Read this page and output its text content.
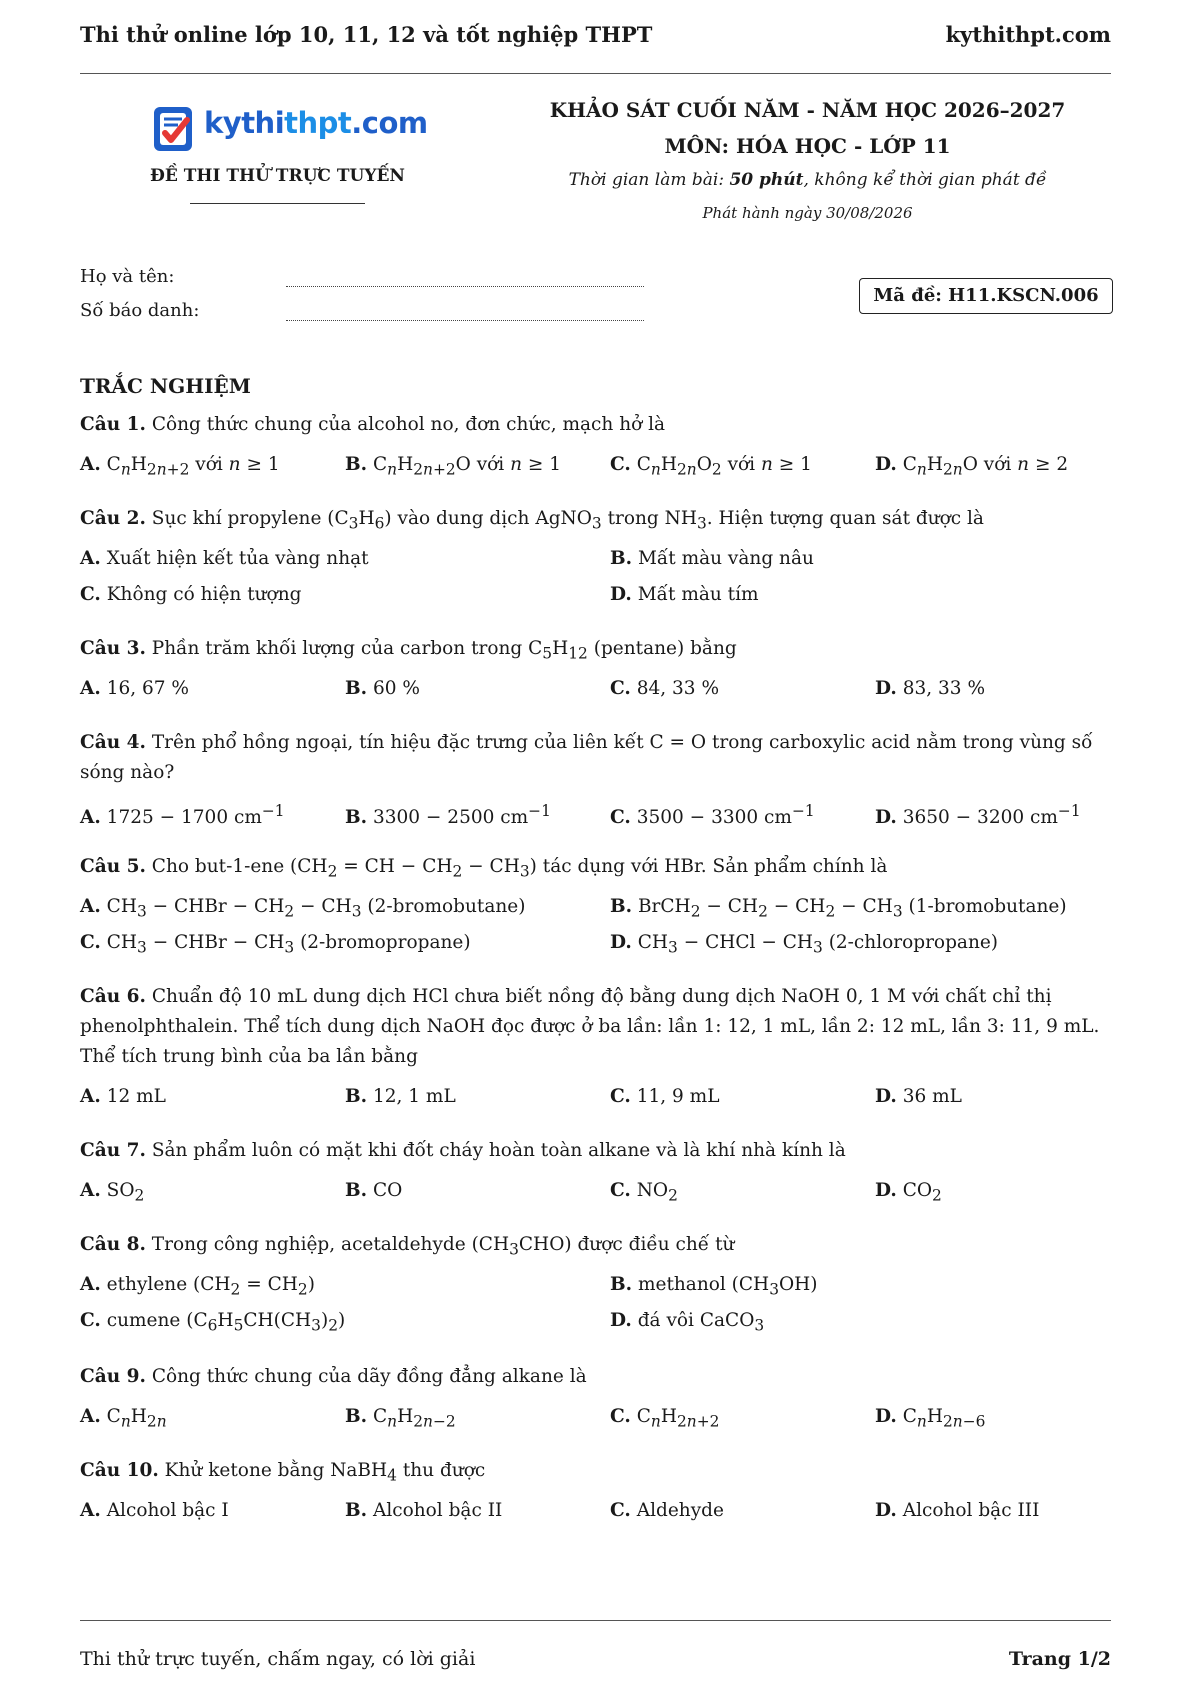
Thi thử online lớp 10, 11, 12 và tốt nghiệp THPT	kythithpt.com
kythithpt.com
ĐỀ THI THỬ TRỰC TUYẾN
KHẢO SÁT CUỐI NĂM - NĂM HỌC 2026–2027
MÔN: HÓA HỌC - LỚP 11
Thời gian làm bài: 50 phút, không kể thời gian phát đề
Phát hành ngày 30/08/2026
Họ và tên:
Số báo danh:
Mã đề: H11.KSCN.006
TRẮC NGHIỆM
Câu 1. Công thức chung của alcohol no, đơn chức, mạch hở là
A. $C_nH_{2n+2}$ với n ≥ 1	B. $C_nH_{2n+2}O$ với n ≥ 1	C. $C_nH_{2n}O_2$ với n ≥ 1	D. $C_nH_{2n}O$ với n ≥ 2
Câu 2. Sục khí propylene $(C_3H_6)$ vào dung dịch AgNO$_3$ trong $NH_3$. Hiện tượng quan sát được là
A. Xuất hiện kết tủa vàng nhạt	B. Mất màu vàng nâu
C. Không có hiện tượng	D. Mất màu tím
Câu 3. Phần trăm khối lượng của carbon trong $C_5H_{12}$ (pentane) bằng
A. 16, 67 %	B. 60 %	C. 84, 33 %	D. 83, 33 %
Câu 4. Trên phổ hồng ngoại, tín hiệu đặc trưng của liên kết C = O trong carboxylic acid nằm trong vùng số sóng nào?
A. 1725 − 1700 $cm^{-1}$	B. 3300 − 2500 $cm^{-1}$	C. 3500 − 3300 $cm^{-1}$	D. 3650 − 3200 $cm^{-1}$
Câu 5. Cho but-1-ene ($CH_2$ = CH − $CH_2 - CH_3$) tác dụng với HBr. Sản phẩm chính là
A. $CH_3$ − CHBr − $CH_2 - CH_3$ (2-bromobutane)	B. BrCH$_2$ − $CH_2 - CH_2 - CH_3$ (1-bromobutane)
C. $CH_3$ − CHBr − $CH_3$ (2-bromopropane)	D. $CH_3$ − CHCl − $CH_3$ (2-chloropropane)
Câu 6. Chuẩn độ 10 mL dung dịch HCl chưa biết nồng độ bằng dung dịch NaOH 0, 1 M với chất chỉ thị phenolphthalein. Thể tích dung dịch NaOH đọc được ở ba lần: lần 1: 12, 1 mL, lần 2: 12 mL, lần 3: 11, 9 mL. Thể tích trung bình của ba lần bằng
A. 12 mL	B. 12, 1 mL	C. 11, 9 mL	D. 36 mL
Câu 7. Sản phẩm luôn có mặt khi đốt cháy hoàn toàn alkane và là khí nhà kính là
A. $SO_2$	B. CO	C. $NO_2$	D. $CO_2$
Câu 8. Trong công nghiệp, acetaldehyde $(CH_3CHO)$ được điều chế từ
A. ethylene $(CH_2 = CH_2)$	B. methanol $(CH_3OH)$
C. cumene $(C_6H_5CH(CH_3)_2)$	D. đá vôi CaCO$_3$
Câu 9. Công thức chung của dãy đồng đẳng alkane là
A. $C_nH_{2n}$	B. $C_nH_{2n-2}$	C. $C_nH_{2n+2}$	D. $C_nH_{2n-6}$
Câu 10. Khử ketone bằng NaBH$_4$ thu được
A. Alcohol bậc I	B. Alcohol bậc II	C. Aldehyde	D. Alcohol bậc III
Thi thử trực tuyến, chấm ngay, có lời giải	Trang 1/2
